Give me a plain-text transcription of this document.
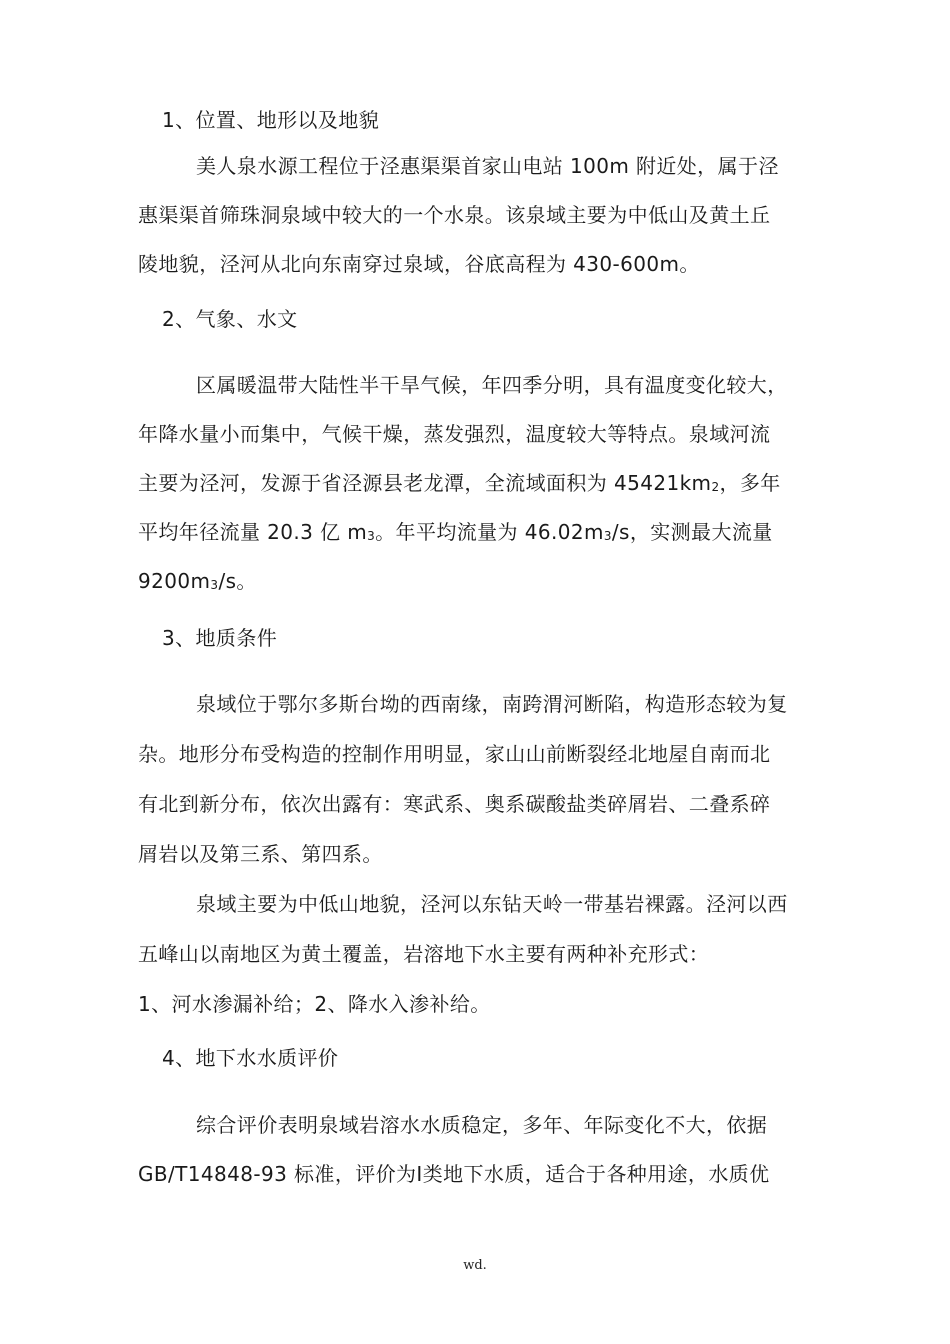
1、位置、地形以及地貌
美人泉水源工程位于泾惠渠渠首家山电站 100m 附近处，属于泾
惠渠渠首筛珠洞泉域中较大的一个水泉。该泉域主要为中低山及黄土丘
陵地貌，泾河从北向东南穿过泉域，谷底高程为 430-600m。
2、气象、水文
区属暖温带大陆性半干旱气候，年四季分明，具有温度变化较大，
年降水量小而集中，气候干燥，蒸发强烈，温度较大等特点。泉域河流
主要为泾河，发源于省泾源县老龙潭，全流域面积为 $45421km_2$，多年
平均年径流量 20.3 亿 $m_3$。年平均流量为 $46.02m_3/s$，实测最大流量
$9200m_3/s$。
3、地质条件
泉域位于鄂尔多斯台坳的西南缘，南跨渭河断陷，构造形态较为复
杂。地形分布受构造的控制作用明显，家山山前断裂经北地屋自南而北
有北到新分布，依次出露有：寒武系、奥系碳酸盐类碎屑岩、二叠系碎
屑岩以及第三系、第四系。
泉域主要为中低山地貌，泾河以东钻天岭一带基岩裸露。泾河以西
五峰山以南地区为黄土覆盖，岩溶地下水主要有两种补充形式：
1、河水渗漏补给；2、降水入渗补给。
4、地下水水质评价
综合评价表明泉域岩溶水水质稳定，多年、年际变化不大，依据
GB/T14848-93 标准，评价为Ⅰ类地下水质，适合于各种用途，水质优
wd.
